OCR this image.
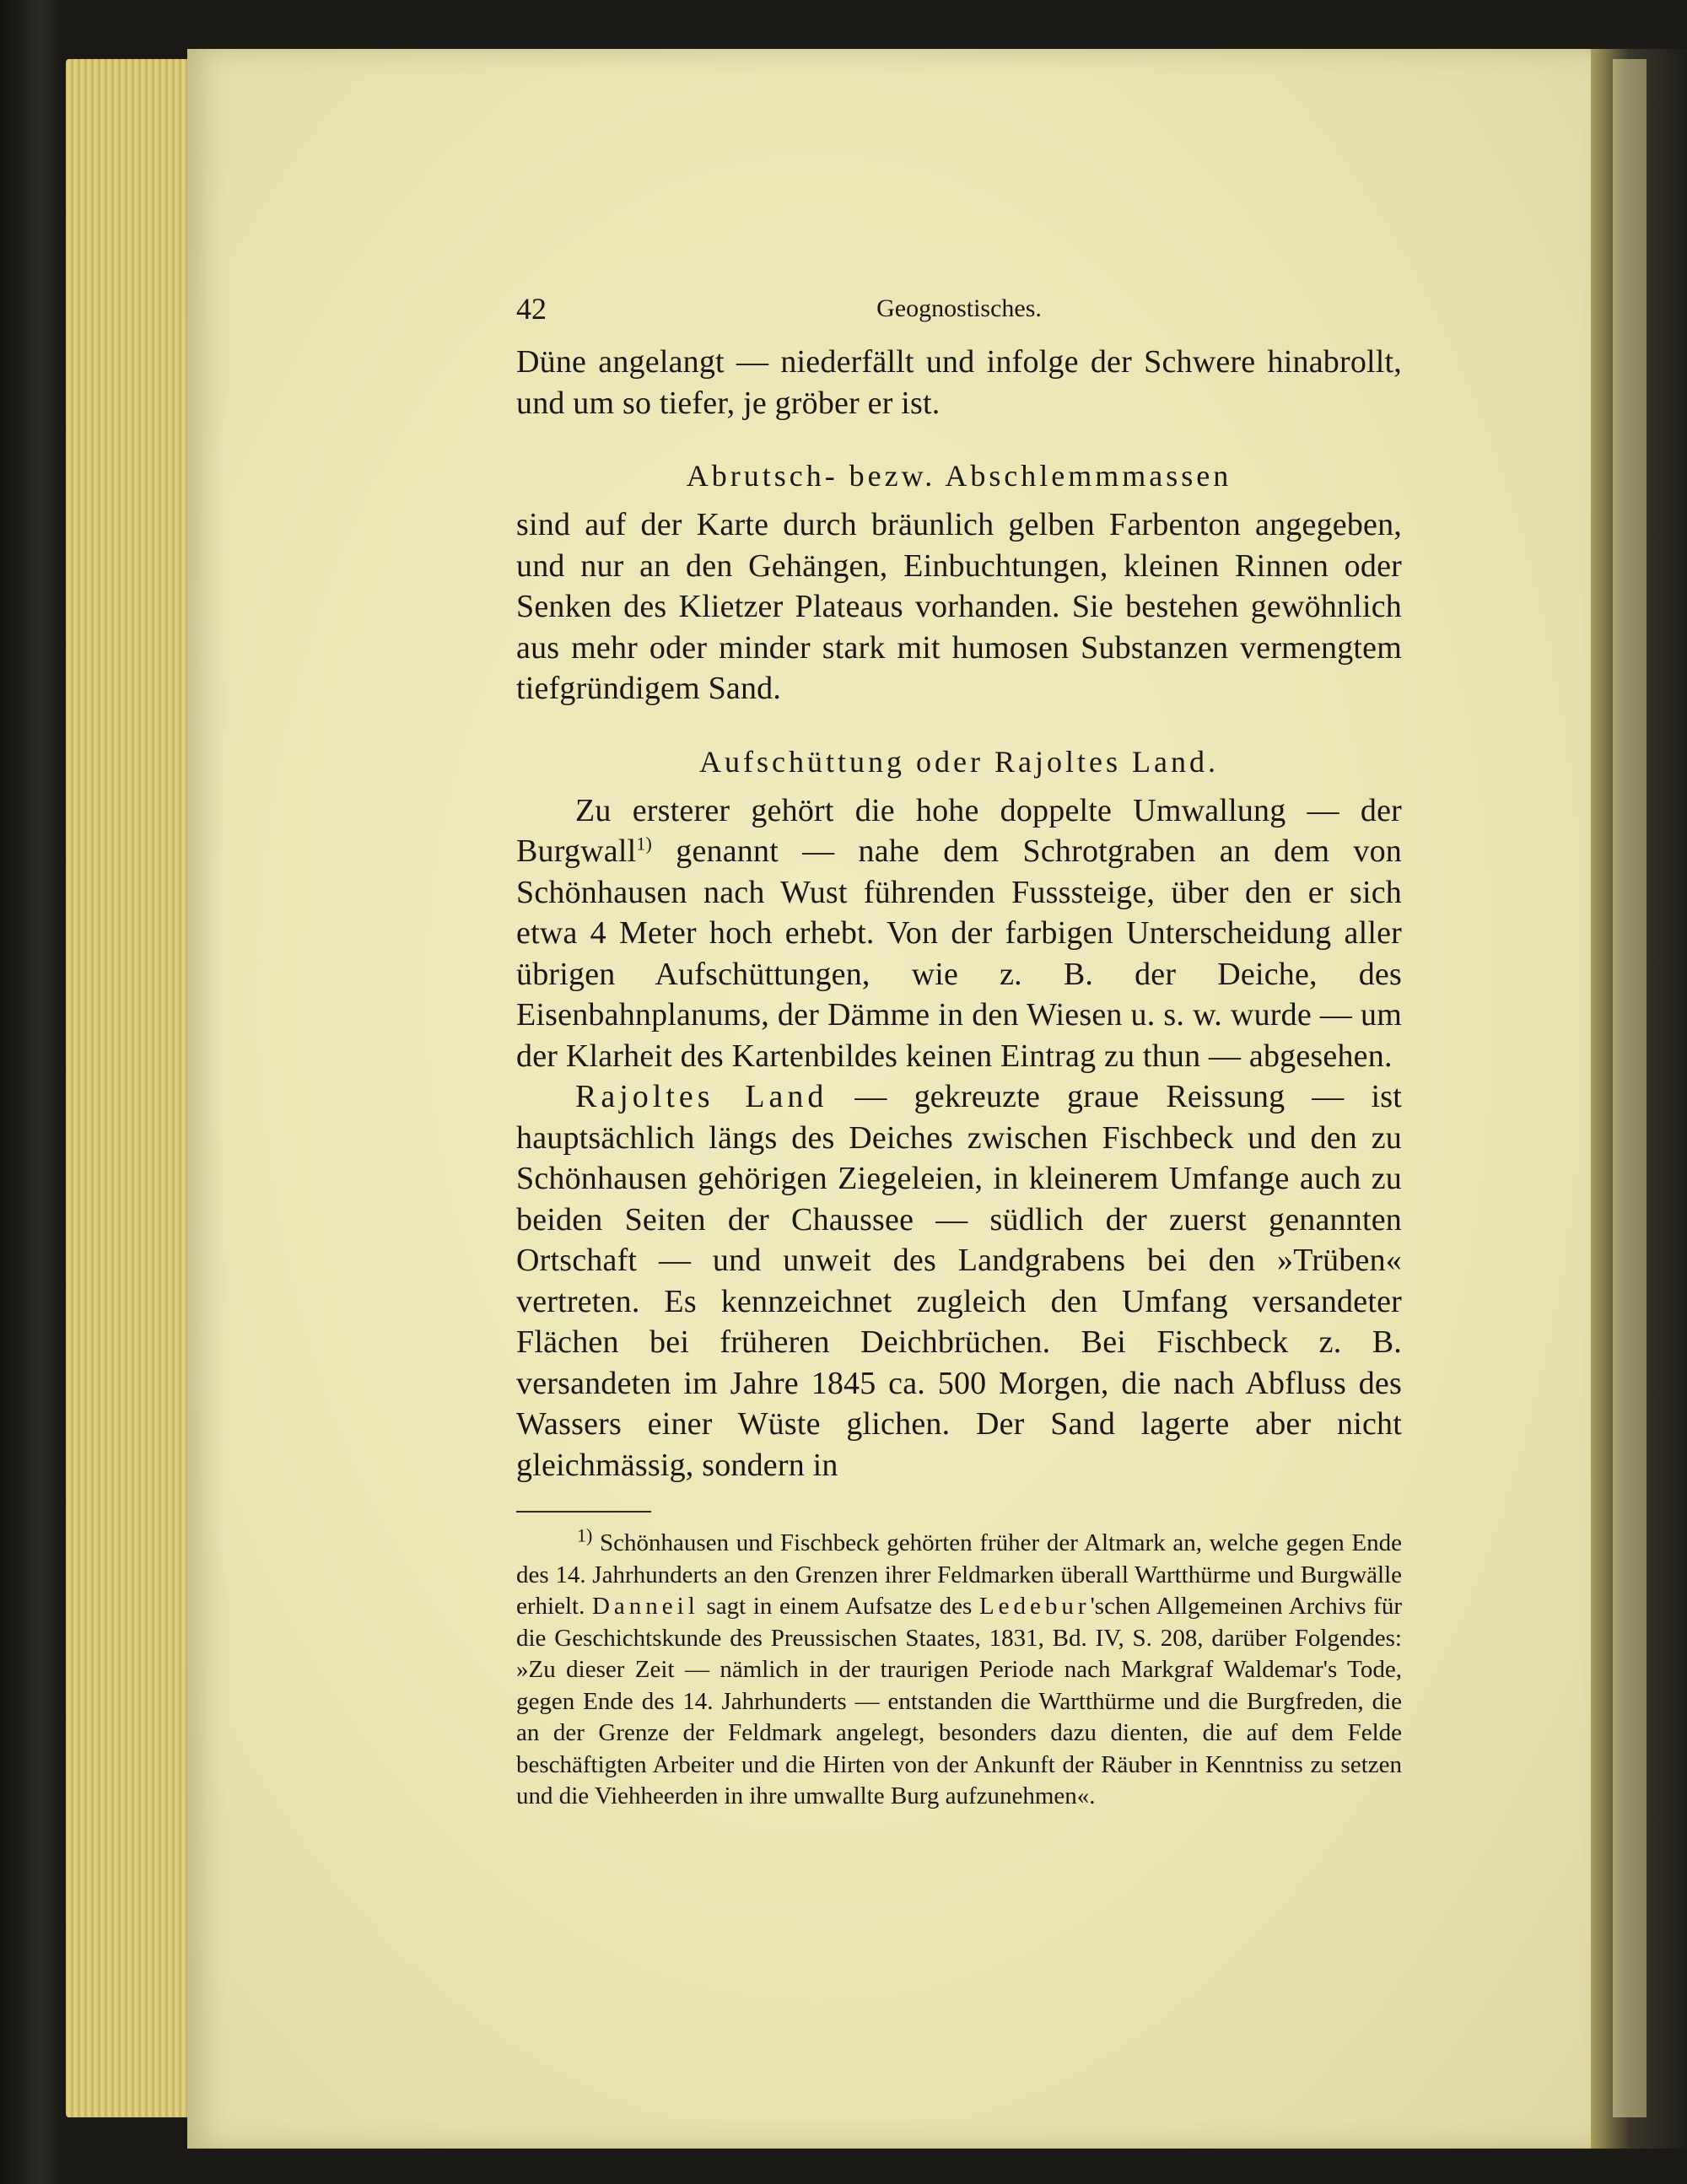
42	Geognostisches.

Düne angelangt — niederfällt und infolge der Schwere hinabrollt, und um so tiefer, je gröber er ist.

Abrutsch- bezw. Abschlemmmassen

sind auf der Karte durch bräunlich gelben Farbenton angegeben, und nur an den Gehängen, Einbuchtungen, kleinen Rinnen oder Senken des Klietzer Plateaus vorhanden. Sie bestehen gewöhnlich aus mehr oder minder stark mit humosen Substanzen vermengtem tiefgründigem Sand.

Aufschüttung oder Rajoltes Land.

Zu ersterer gehört die hohe doppelte Umwallung — der Burgwall$^{1)}$ genannt — nahe dem Schrotgraben an dem von Schönhausen nach Wust führenden Fusssteige, über den er sich etwa 4 Meter hoch erhebt. Von der farbigen Unterscheidung aller übrigen Aufschüttungen, wie z. B. der Deiche, des Eisenbahnplanums, der Dämme in den Wiesen u. s. w. wurde — um der Klarheit des Kartenbildes keinen Eintrag zu thun — abgesehen.

Rajoltes Land — gekreuzte graue Reissung — ist hauptsächlich längs des Deiches zwischen Fischbeck und den zu Schönhausen gehörigen Ziegeleien, in kleinerem Umfange auch zu beiden Seiten der Chaussee — südlich der zuerst genannten Ortschaft — und unweit des Landgrabens bei den »Trüben« vertreten. Es kennzeichnet zugleich den Umfang versandeter Flächen bei früheren Deichbrüchen. Bei Fischbeck z. B. versandeten im Jahre 1845 ca. 500 Morgen, die nach Abfluss des Wassers einer Wüste glichen. Der Sand lagerte aber nicht gleichmässig, sondern in

$^{1)}$ Schönhausen und Fischbeck gehörten früher der Altmark an, welche gegen Ende des 14. Jahrhunderts an den Grenzen ihrer Feldmarken überall Wartthürme und Burgwälle erhielt. Danneil sagt in einem Aufsatze des Ledebur'schen Allgemeinen Archivs für die Geschichtskunde des Preussischen Staates, 1831, Bd. IV, S. 208, darüber Folgendes: »Zu dieser Zeit — nämlich in der traurigen Periode nach Markgraf Waldemar's Tode, gegen Ende des 14. Jahrhunderts — entstanden die Wartthürme und die Burgfreden, die an der Grenze der Feldmark angelegt, besonders dazu dienten, die auf dem Felde beschäftigten Arbeiter und die Hirten von der Ankunft der Räuber in Kenntniss zu setzen und die Viehheerden in ihre umwallte Burg aufzunehmen«.
